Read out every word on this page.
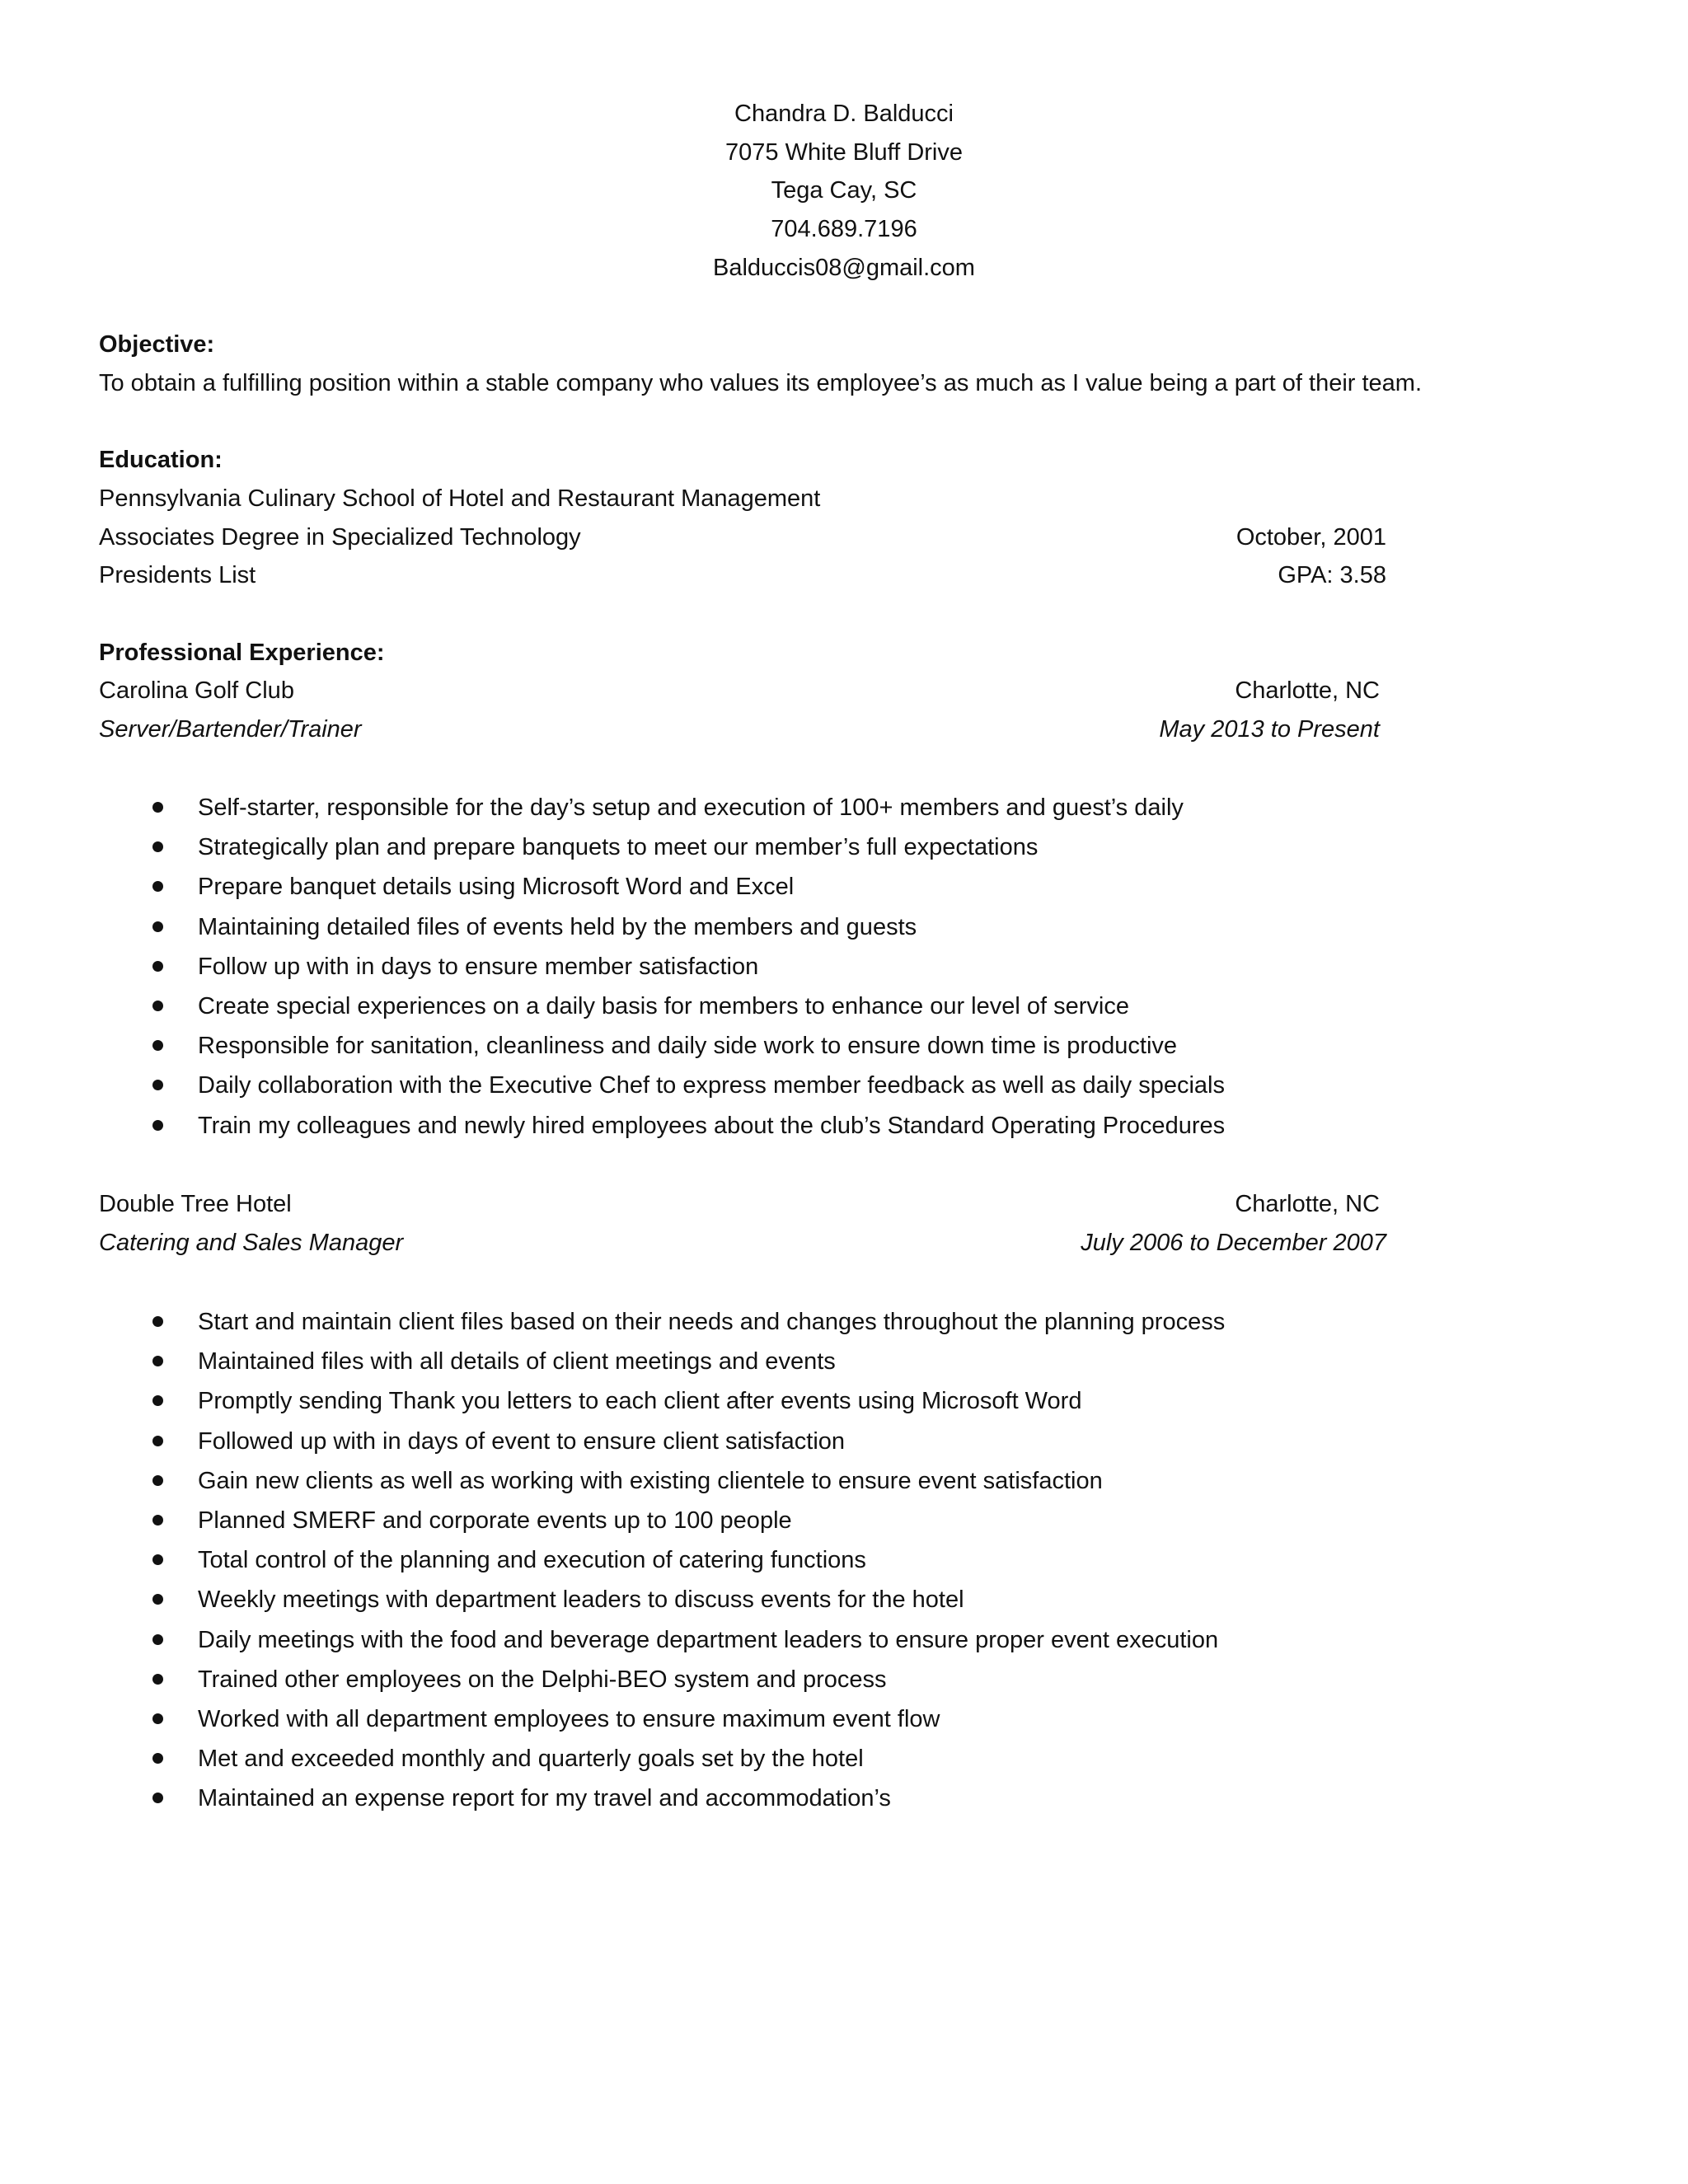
Chandra D. Balducci
7075 White Bluff Drive
Tega Cay, SC
704.689.7196
Balduccis08@gmail.com
Objective:
To obtain a fulfilling position within a stable company who values its employee’s as much as I value being a part of their team.
Education:
Pennsylvania Culinary School of Hotel and Restaurant Management
Associates Degree in Specialized Technology	October, 2001
Presidents List	GPA: 3.58
Professional Experience:
Carolina Golf Club	Charlotte, NC
Server/Bartender/Trainer	May 2013 to Present
Self-starter, responsible for the day’s setup and execution of 100+ members and guest’s daily
Strategically plan and prepare banquets to meet our member’s full expectations
Prepare banquet details using Microsoft Word and Excel
Maintaining detailed files of events held by the members and guests
Follow up with in days to ensure member satisfaction
Create special experiences on a daily basis for members to enhance our level of service
Responsible for sanitation, cleanliness and daily side work to ensure down time is productive
Daily collaboration with the Executive Chef to express member feedback as well as daily specials
Train my colleagues and newly hired employees about the club’s Standard Operating Procedures
Double Tree Hotel	Charlotte, NC
Catering and Sales Manager	July 2006 to December 2007
Start and maintain client files based on their needs and changes throughout the planning process
Maintained files with all details of client meetings and events
Promptly sending Thank you letters to each client after events using Microsoft Word
Followed up with in days of event to ensure client satisfaction
Gain new clients as well as working with existing clientele to ensure event satisfaction
Planned SMERF and corporate events up to 100 people
Total control of the planning and execution of catering functions
Weekly meetings with department leaders to discuss events for the hotel
Daily meetings with the food and beverage department leaders to ensure proper event execution
Trained other employees on the Delphi-BEO system and process
Worked with all department employees to ensure maximum event flow
Met and exceeded monthly and quarterly goals set by the hotel
Maintained an expense report for my travel and accommodation’s
